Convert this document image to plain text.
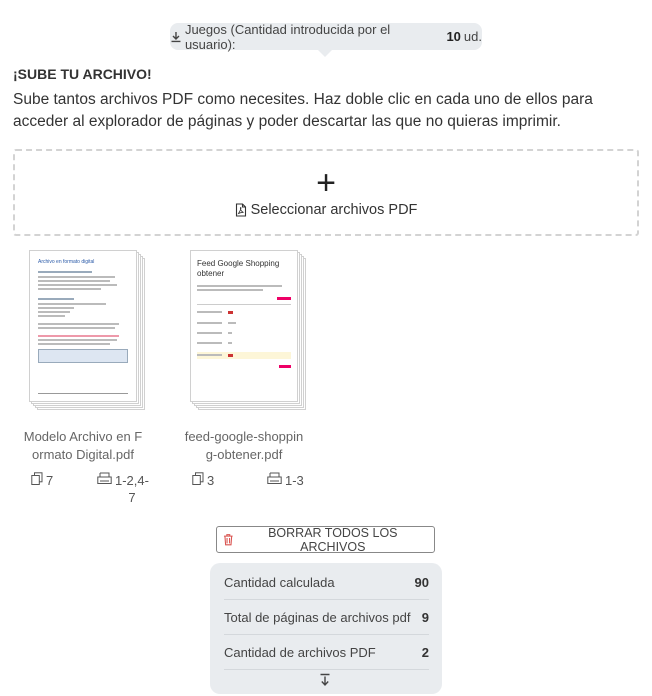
Juegos (Cantidad introducida por el usuario):	10 ud.
¡SUBE TU ARCHIVO!
Sube tantos archivos PDF como necesites. Haz doble clic en cada uno de ellos para acceder al explorador de páginas y poder descartar las que no quieras imprimir.
+
Seleccionar archivos PDF
Archivo en formato digital
Modelo Archivo en F
ormato Digital.pdf
7	1-2,4-
7
Feed Google Shopping obtener
feed-google-shoppin
g-obtener.pdf
3	1-3
BORRAR TODOS LOS ARCHIVOS
Cantidad calculada	90
Total de páginas de archivos pdf 9
Cantidad de archivos PDF	2
